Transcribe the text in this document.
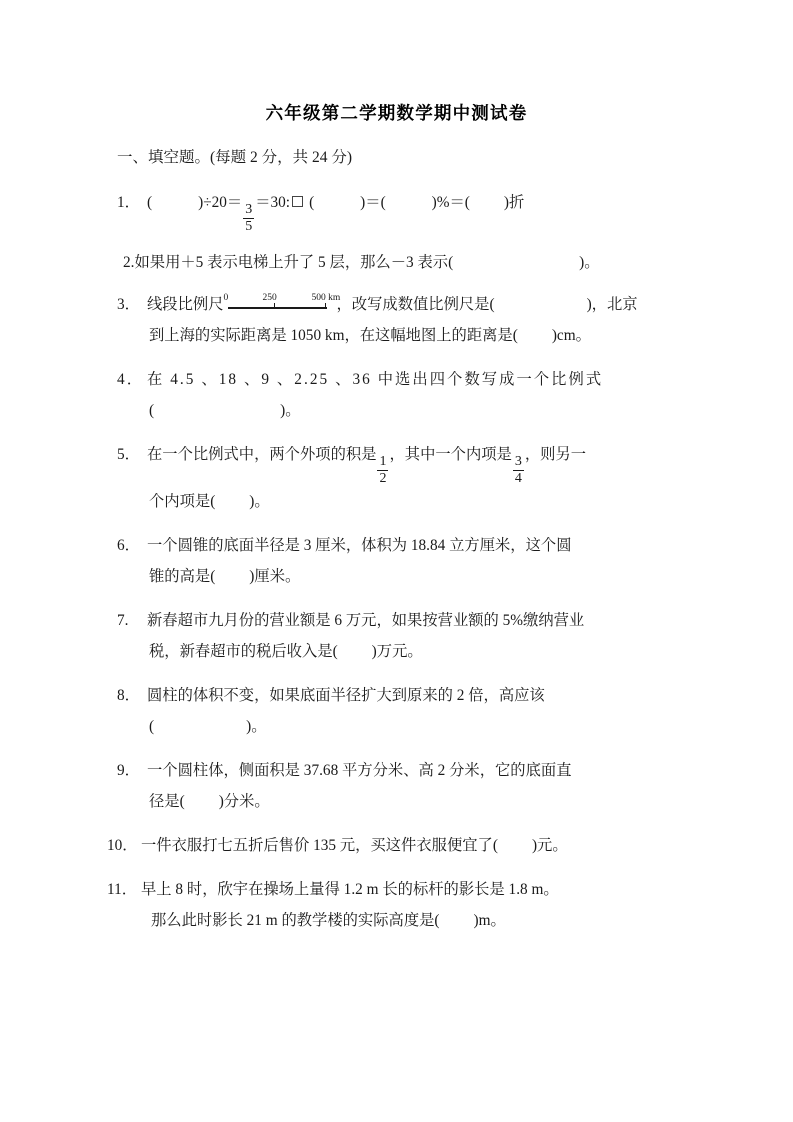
六年级第二学期数学期中测试卷
一、填空题。(每题 2 分，共 24 分)
1． (	)÷20＝
$\frac{3}{5}$
＝30: (	)＝(	)%＝( )折
2.如果用＋5 表示电梯上升了 5 层，那么－3 表示(	)。
3． 线段比例尺 0	250	500 km
，改写成数值比例尺是(	)，北京
到上海的实际距离是 1050 km，在这幅地图上的距离是( )cm。
4． 在 4.5 、18 、9 、2.25 、36 中选出四个数写成一个比例式
(	)。
5． 在一个比例式中，两个外项的积是
$\frac{1}{2}$
，其中一个内项是
$\frac{3}{4}$
，则另一
个内项是( )。
6． 一个圆锥的底面半径是 3 厘米，体积为 18.84 立方厘米，这个圆
锥的高是( )厘米。
7. 新春超市九月份的营业额是 6 万元，如果按营业额的 5%缴纳营业
税，新春超市的税后收入是( )万元。
8． 圆柱的体积不变，如果底面半径扩大到原来的 2 倍，高应该
(	)。
9． 一个圆柱体，侧面积是 37.68 平方分米、高 2 分米，它的底面直
径是( )分米。
10． 一件衣服打七五折后售价 135 元，买这件衣服便宜了( )元。
11． 早上 8 时，欣宇在操场上量得 1.2 m 长的标杆的影长是 1.8 m。
那么此时影长 21 m 的教学楼的实际高度是( )m。
